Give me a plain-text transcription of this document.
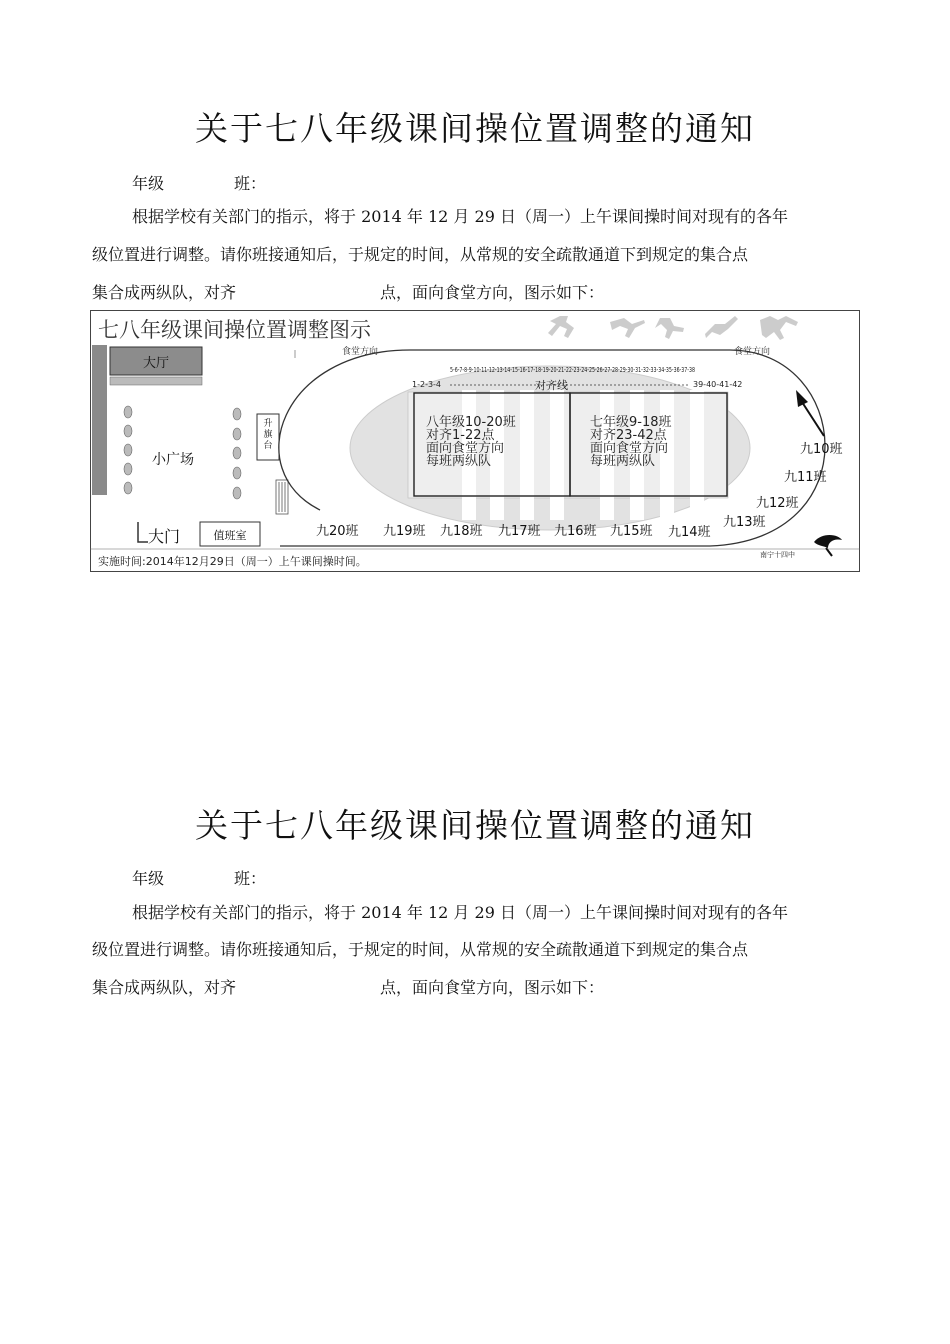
关于七八年级课间操位置调整的通知
年级	班：
根据学校有关部门的指示，将于 2014 年 12 月 29 日（周一）上午课间操时间对现有的各年
级位置进行调整。请你班接通知后，于规定的时间，从常规的安全疏散通道下到规定的集合点
集合成两纵队，对齐	点，面向食堂方向，图示如下：
七八年级课间操位置调整图示
大厅
小广场
升旗台
大门	值班室
食堂方向	食堂方向
5-6-7-8-9-10-11-12-13-14-15-16-17-18-19-20-21-22-23-24-25-26-27-28-29-30-31-32-33-34-35-36-37-38
1-2-3-4	39-40-41-42
对齐线
八年级10-20班
对齐1-22点
面向食堂方向
每班两纵队
七年级9-18班
对齐23-42点
面向食堂方向
每班两纵队
九10班
九11班
九12班
九13班
九14班
九15班
九16班
九17班
九18班
九19班
九20班
实施时间:2014年12月29日（周一）上午课间操时间。	南宁十四中
关于七八年级课间操位置调整的通知
年级	班：
根据学校有关部门的指示，将于 2014 年 12 月 29 日（周一）上午课间操时间对现有的各年
级位置进行调整。请你班接通知后，于规定的时间，从常规的安全疏散通道下到规定的集合点
集合成两纵队，对齐	点，面向食堂方向，图示如下：
